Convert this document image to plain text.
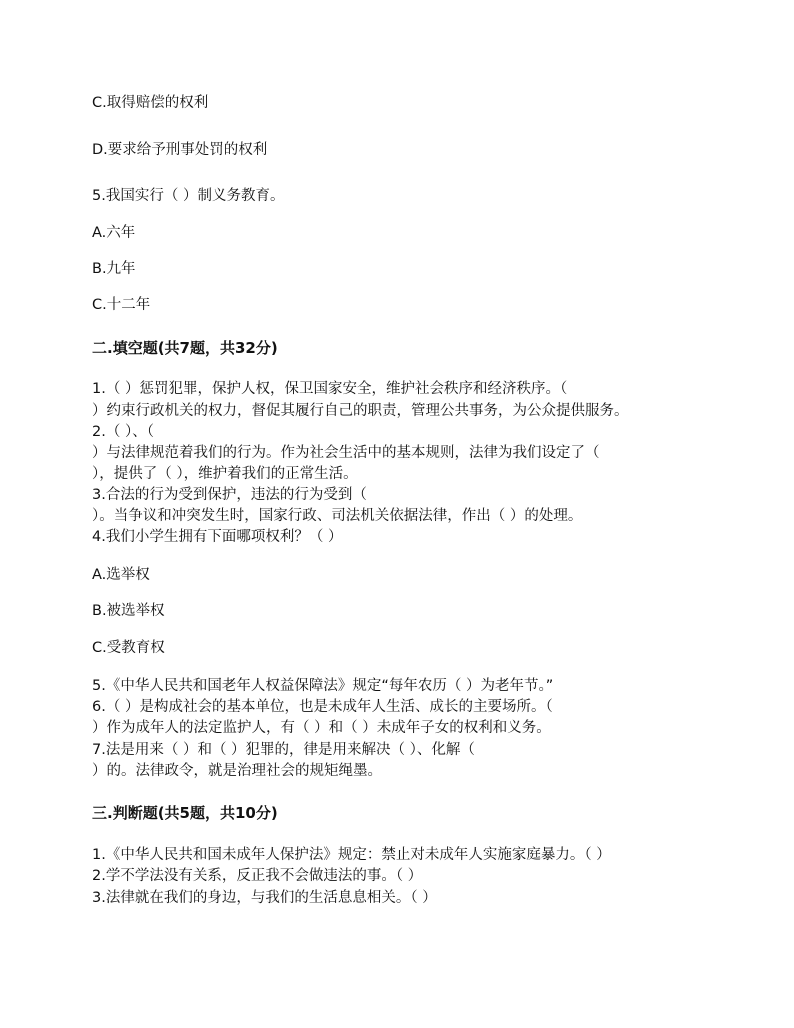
C.取得赔偿的权利
D.要求给予刑事处罚的权利
5.我国实行（ ）制义务教育。
A.六年
B.九年
C.十二年
二.填空题(共7题，共32分)
1.（ ）惩罚犯罪，保护人权，保卫国家安全，维护社会秩序和经济秩序。（
）约束行政机关的权力，督促其履行自己的职责，管理公共事务，为公众提供服务。
2.（ ）、（
）与法律规范着我们的行为。作为社会生活中的基本规则，法律为我们设定了（
），提供了（ ），维护着我们的正常生活。
3.合法的行为受到保护，违法的行为受到（
）。当争议和冲突发生时，国家行政、司法机关依据法律，作出（ ）的处理。
4.我们小学生拥有下面哪项权利？（ ）
A.选举权
B.被选举权
C.受教育权
5.《中华人民共和国老年人权益保障法》规定“每年农历（ ）为老年节。”
6.（ ）是构成社会的基本单位，也是未成年人生活、成长的主要场所。（
）作为成年人的法定监护人，有（ ）和（ ）未成年子女的权利和义务。
7.法是用来（ ）和（ ）犯罪的，律是用来解决（ ）、化解（
）的。法律政令，就是治理社会的规矩绳墨。
三.判断题(共5题，共10分)
1.《中华人民共和国未成年人保护法》规定：禁止对未成年人实施家庭暴力。（ ）
2.学不学法没有关系，反正我不会做违法的事。（ ）
3.法律就在我们的身边，与我们的生活息息相关。（ ）
